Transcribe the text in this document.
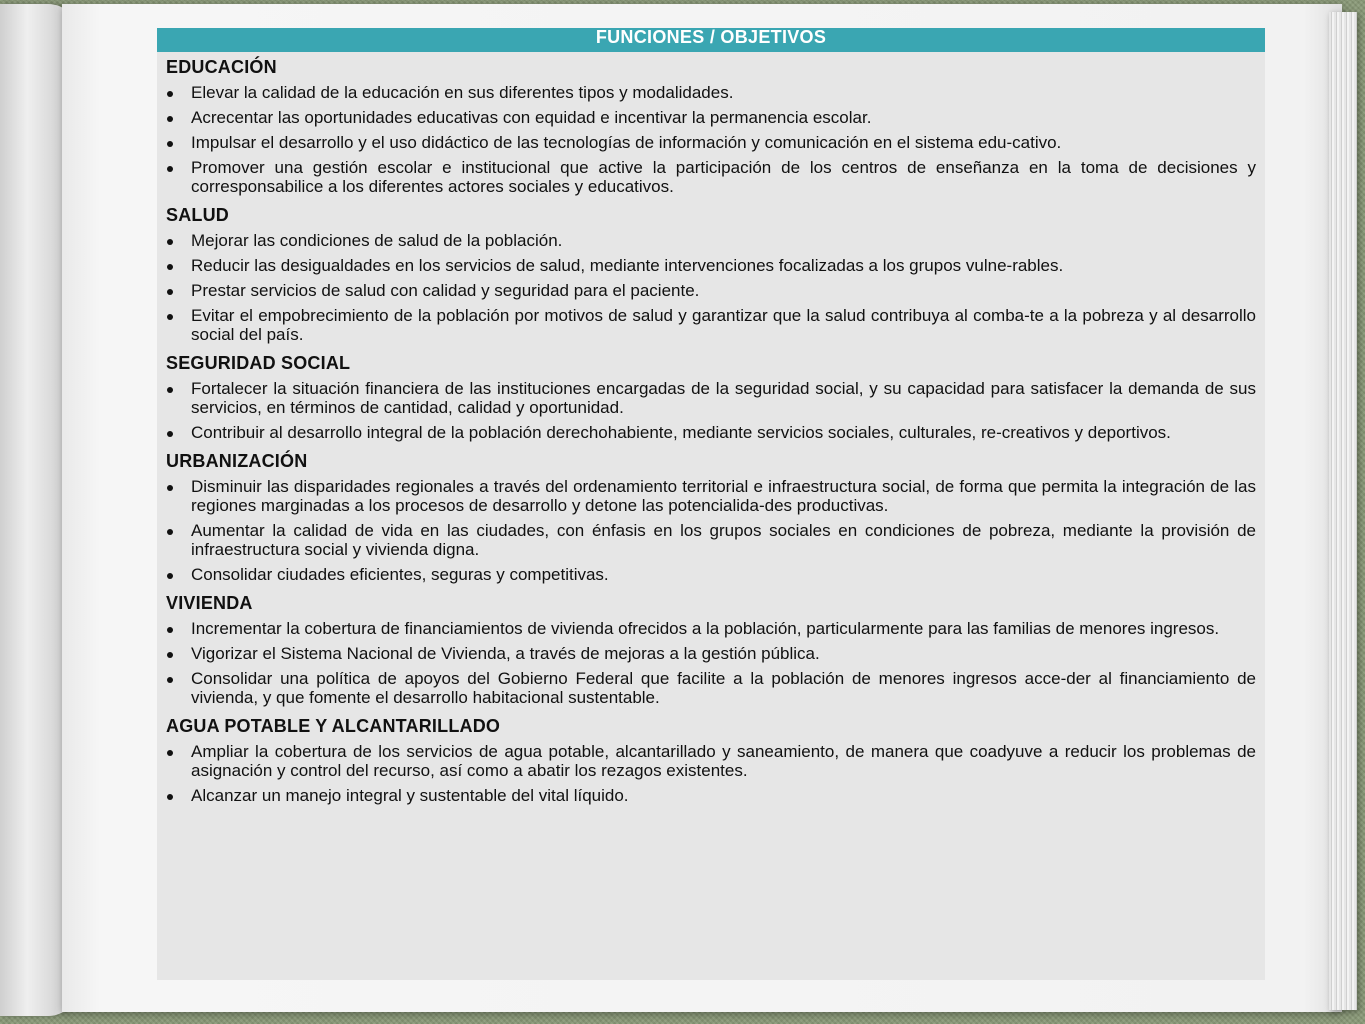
FUNCIONES / OBJETIVOS
EDUCACIÓN
Elevar la calidad de la educación en sus diferentes tipos y modalidades.
Acrecentar las oportunidades educativas con equidad e incentivar la permanencia escolar.
Impulsar el desarrollo y el uso didáctico de las tecnologías de información y comunicación en el sistema edu-cativo.
Promover una gestión escolar e institucional que active la participación de los centros de enseñanza en la toma de decisiones y corresponsabilice a los diferentes actores sociales y educativos.
SALUD
Mejorar las condiciones de salud de la población.
Reducir las desigualdades en los servicios de salud, mediante intervenciones focalizadas a los grupos vulne-rables.
Prestar servicios de salud con calidad y seguridad para el paciente.
Evitar el empobrecimiento de la población por motivos de salud y garantizar que la salud contribuya al comba-te a la pobreza y al desarrollo social del país.
SEGURIDAD SOCIAL
Fortalecer la situación financiera de las instituciones encargadas de la seguridad social, y su capacidad para satisfacer la demanda de sus servicios, en términos de cantidad, calidad y oportunidad.
Contribuir al desarrollo integral de la población derechohabiente, mediante servicios sociales, culturales, re-creativos y deportivos.
URBANIZACIÓN
Disminuir las disparidades regionales a través del ordenamiento territorial e infraestructura social, de forma que permita la integración de las regiones marginadas a los procesos de desarrollo y detone las potencialida-des productivas.
Aumentar la calidad de vida en las ciudades, con énfasis en los grupos sociales en condiciones de pobreza, mediante la provisión de infraestructura social y vivienda digna.
Consolidar ciudades eficientes, seguras y competitivas.
VIVIENDA
Incrementar la cobertura de financiamientos de vivienda ofrecidos a la población, particularmente para las familias de menores ingresos.
Vigorizar el Sistema Nacional de Vivienda, a través de mejoras a la gestión pública.
Consolidar una política de apoyos del Gobierno Federal que facilite a la población de menores ingresos acce-der al financiamiento de vivienda, y que fomente el desarrollo habitacional sustentable.
AGUA POTABLE Y ALCANTARILLADO
Ampliar la cobertura de los servicios de agua potable, alcantarillado y saneamiento, de manera que coadyuve a reducir los problemas de asignación y control del recurso, así como a abatir los rezagos existentes.
Alcanzar un manejo integral y sustentable del vital líquido.
